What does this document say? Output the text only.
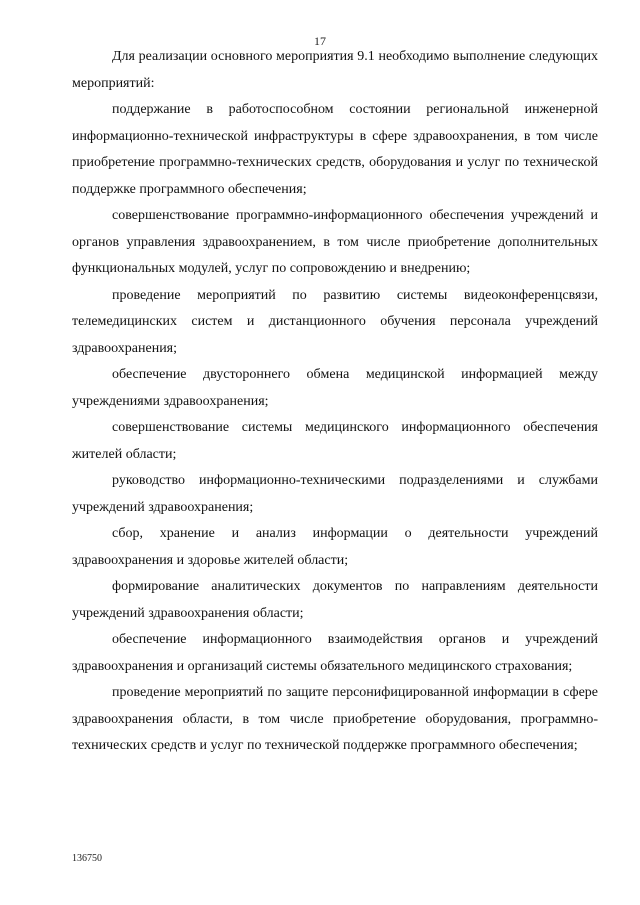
17

Для реализации основного мероприятия 9.1 необходимо выполнение следующих мероприятий:

поддержание в работоспособном состоянии региональной инженерной информационно-технической инфраструктуры в сфере здравоохранения, в том числе приобретение программно-технических средств, оборудования и услуг по технической поддержке программного обеспечения;

совершенствование программно-информационного обеспечения учреждений и органов управления здравоохранением, в том числе приобретение дополнительных функциональных модулей, услуг по сопровождению и внедрению;

проведение мероприятий по развитию системы видеоконференцсвязи, телемедицинских систем и дистанционного обучения персонала учреждений здравоохранения;

обеспечение двустороннего обмена медицинской информацией между учреждениями здравоохранения;

совершенствование системы медицинского информационного обеспечения жителей области;

руководство информационно-техническими подразделениями и службами учреждений здравоохранения;

сбор, хранение и анализ информации о деятельности учреждений здравоохранения и здоровье жителей области;

формирование аналитических документов по направлениям деятельности учреждений здравоохранения области;

обеспечение информационного взаимодействия органов и учреждений здравоохранения и организаций системы обязательного медицинского страхования;

проведение мероприятий по защите персонифицированной информации в сфере здравоохранения области, в том числе приобретение оборудования, программно-технических средств и услуг по технической поддержке программного обеспечения;

136750
